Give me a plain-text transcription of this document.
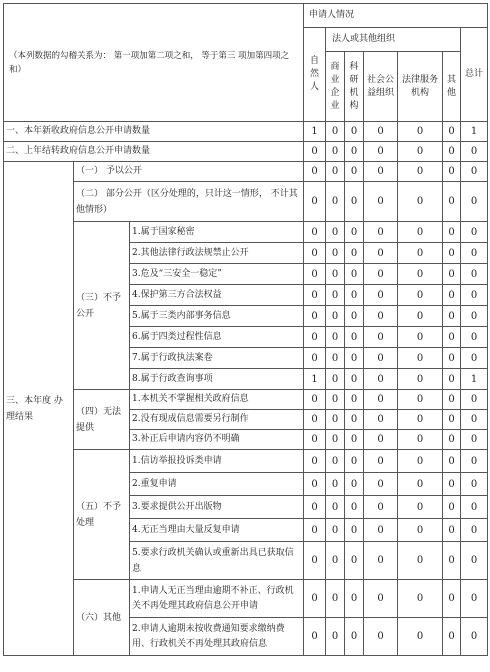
（本列数据的勾稽关系为： 第一项加第二项之和， 等于第三 项加第四项之和）			申请人情况						
			自然人	法人或其他组织					总计
				商业企业	科研机构	社会公益组织	法律服务机构	其他	
一、本年新收政府信息公开申请数量			1	0	0	0	0	0	1
二、上年结转政府信息公开申请数量			0	0	0	0	0	0	0
三、本年度 办理结果	（一） 予以公开		0	0	0	0	0	0	0
	（二） 部分公开（区分处理的，只计这一情形， 不计其他情形）		0	0	0	0	0	0	0
	（三）不予公开	1.属于国家秘密	0	0	0	0	0	0	0
		2.其他法律行政法规禁止公开	0	0	0	0	0	0	0
		3.危及“三安全一稳定”	0	0	0	0	0	0	0
		4.保护第三方合法权益	0	0	0	0	0	0	0
		5.属于三类内部事务信息	0	0	0	0	0	0	0
		6.属于四类过程性信息	0	0	0	0	0	0	0
		7.属于行政执法案卷	0	0	0	0	0	0	0
		8.属于行政查询事项	1	0	0	0	0	0	1
	（四）无法提供	1.本机关不掌握相关政府信息	0	0	0	0	0	0	0
		2.没有现成信息需要另行制作	0	0	0	0	0	0	0
		3.补正后申请内容仍不明确	0	0	0	0	0	0	0
	（五）不予处理	1.信访举报投诉类申请	0	0	0	0	0	0	0
		2.重复申请	0	0	0	0	0	0	0
		3.要求提供公开出版物	0	0	0	0	0	0	0
		4.无正当理由大量反复申请	0	0	0	0	0	0	0
		5.要求行政机关确认或重新出具已获取信息	0	0	0	0	0	0	0
	（六）其他	1.申请人无正当理由逾期不补正、行政机关不再处理其政府信息公开申请	0	0	0	0	0	0	0
		2.申请人逾期未按收费通知要求缴纳费用、行政机关不再处理其政府信息	0	0	0	0	0	0	0
